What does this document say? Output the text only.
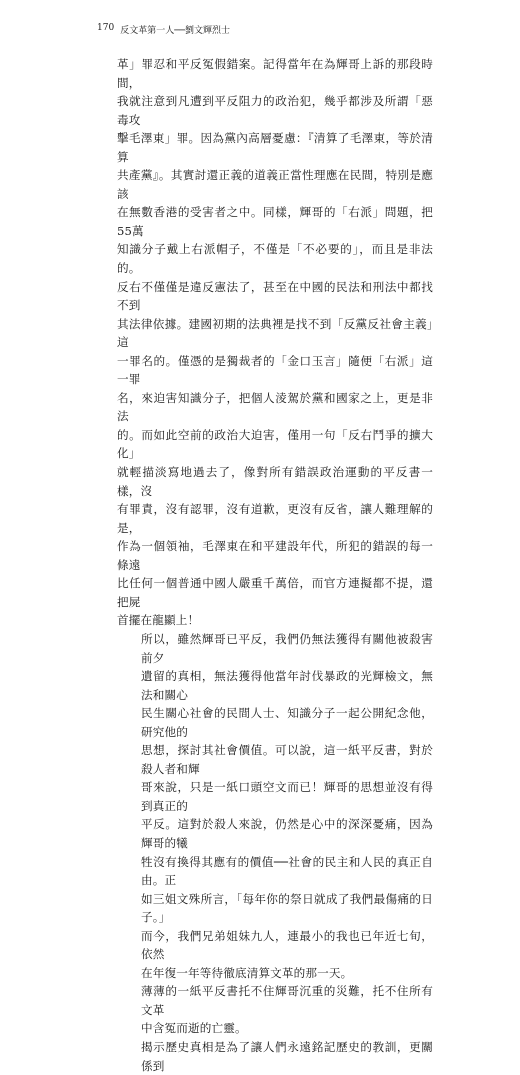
170 反文革第一人──劉文輝烈士

革」罪忍和平反冤假錯案。記得當年在為輝哥上訴的那段時間，
我就注意到凡遭到平反阻力的政治犯，幾乎都涉及所謂「惡毒攻
擊毛澤東」罪。因為黨內高層憂慮：『清算了毛澤東，等於清算
共產黨』。其實討還正義的道義正當性理應在民間，特別是應該
在無數香港的受害者之中。同樣，輝哥的「右派」問題，把55萬
知識分子戴上右派帽子，不僅是「不必要的」，而且是非法的。
反右不僅僅是違反憲法了，甚至在中國的民法和刑法中都找不到
其法律依據。建國初期的法典裡是找不到「反黨反社會主義」這
一罪名的。僅憑的是獨裁者的「金口玉言」隨便「右派」這一罪
名，來迫害知識分子，把個人淩駕於黨和國家之上，更是非法
的。而如此空前的政治大迫害，僅用一句「反右鬥爭的擴大化」
就輕描淡寫地過去了，像對所有錯誤政治運動的平反書一樣，沒
有罪責，沒有認罪，沒有道歉，更沒有反省，讓人難理解的是，
作為一個領袖，毛澤東在和平建設年代，所犯的錯誤的每一條遠
比任何一個普通中國人嚴重千萬倍，而官方連擬都不提，還把屍
首擺在龍顯上！

所以，雖然輝哥已平反，我們仍無法獲得有關他被殺害前夕
遺留的真相，無法獲得他當年討伐暴政的光輝檢文，無法和關心
民生關心社會的民間人士、知識分子一起公開紀念他，研究他的
思想，探討其社會價值。可以說，這一紙平反書，對於殺人者和輝
哥來說，只是一紙口頭空文而已！輝哥的思想並沒有得到真正的
平反。這對於殺人來說，仍然是心中的深深憂痛，因為輝哥的犧
牲沒有換得其應有的價值──社會的民主和人民的真正自由。正
如三姐文殊所言，「每年你的祭日就成了我們最傷痛的日子。」

而今，我們兄弟姐妹九人，連最小的我也已年近七旬，依然
在年復一年等待徹底清算文革的那一天。

薄薄的一紙平反書托不住輝哥沉重的災難，托不住所有文革
中含冤而逝的亡靈。

揭示歷史真相是為了讓人們永遠銘記歷史的教訓，更關係到
